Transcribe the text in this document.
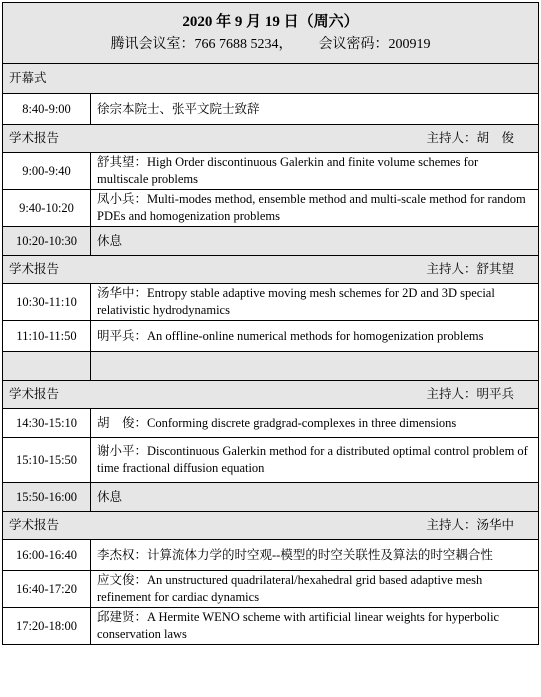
2020 年 9 月 19 日（周六）
腾讯会议室：766 7688 5234， 会议密码：200919	

开幕式	
8:40-9:00	徐宗本院士、张平文院士致辞

学术报告 主持人：胡　俊	

9:00-9:40	舒其望：High Order discontinuous Galerkin and finite volume schemes for multiscale problems
9:40-10:20	凤小兵：Multi-modes method, ensemble method and multi-scale method for random PDEs and homogenization problems
10:20-10:30	休息

学术报告 主持人：舒其望	

10:30-11:10	汤华中：Entropy stable adaptive moving mesh schemes for 2D and 3D special relativistic hydrodynamics
11:10-11:50	明平兵：An offline-online numerical methods for homogenization problems

学术报告 主持人：明平兵	

14:30-15:10	胡　俊：Conforming discrete gradgrad-complexes in three dimensions
15:10-15:50	谢小平：Discontinuous Galerkin method for a distributed optimal control problem of time fractional diffusion equation
15:50-16:00	休息

学术报告 主持人：汤华中	

16:00-16:40	李杰权：计算流体力学的时空观--模型的时空关联性及算法的时空耦合性
16:40-17:20	应文俊：An unstructured quadrilateral/hexahedral grid based adaptive mesh refinement for cardiac dynamics
17:20-18:00	邱建贤：A Hermite WENO scheme with artificial linear weights for hyperbolic conservation laws
